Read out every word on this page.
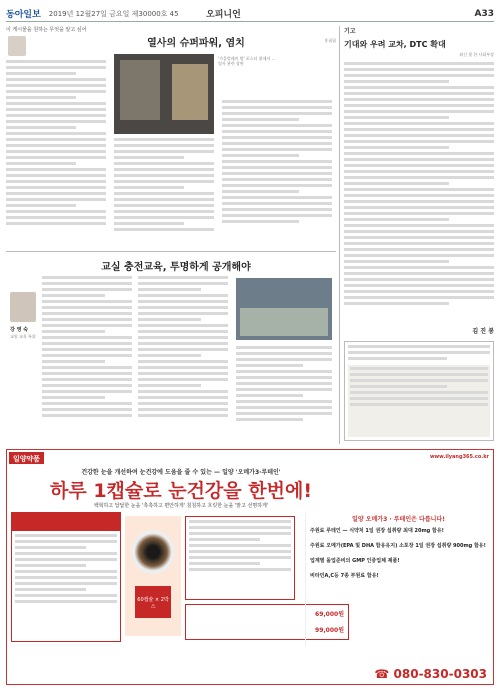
동아일보 2019년 12월27일 금요일 제30000호 45	오피니언	A33
이 게시물을 원하는 무엇을 알고 싶어
열사의 슈퍼파워, 염치	홍필립
'가을벌레의 밤' 포스터 위에서 ... 열사 관련 장면
기고
기대와 우려 교차, DTC 확대
외신 뒷 한 사회부장
김 진 봉
교실 충전교육, 투명하게 공개해야
강 영 숙
교원 교육 특위
일양약품	www.ilyang365.co.kr
건강한 눈을 개선하여 눈건강에 도움을 줄 수 있는 — 일양 '오메가3·루테인'
하루 1캡슐로 눈건강을 한번에!
백혁하고 답답한 눈을 '촉촉하고 편안하게' 침침하고 흐릿한 눈을 '맑고 선명하게'
60캡슐 × 2박스
69,000원
99,000원
일양 오메가3 · 루테인은 다릅니다!
주원료 루테인 — 식약처 1일 권장 섭취량 최대 20mg 함유!
주원료 오메가(EPA 및 DHA 함유유지) 소포장 1일 권장 섭취량 900mg 함유!
업계별 돌업준비의 GMP 인증업체 제품!
비타민A,C등 7종 부원료 함유!
☎ 080-830-0303
